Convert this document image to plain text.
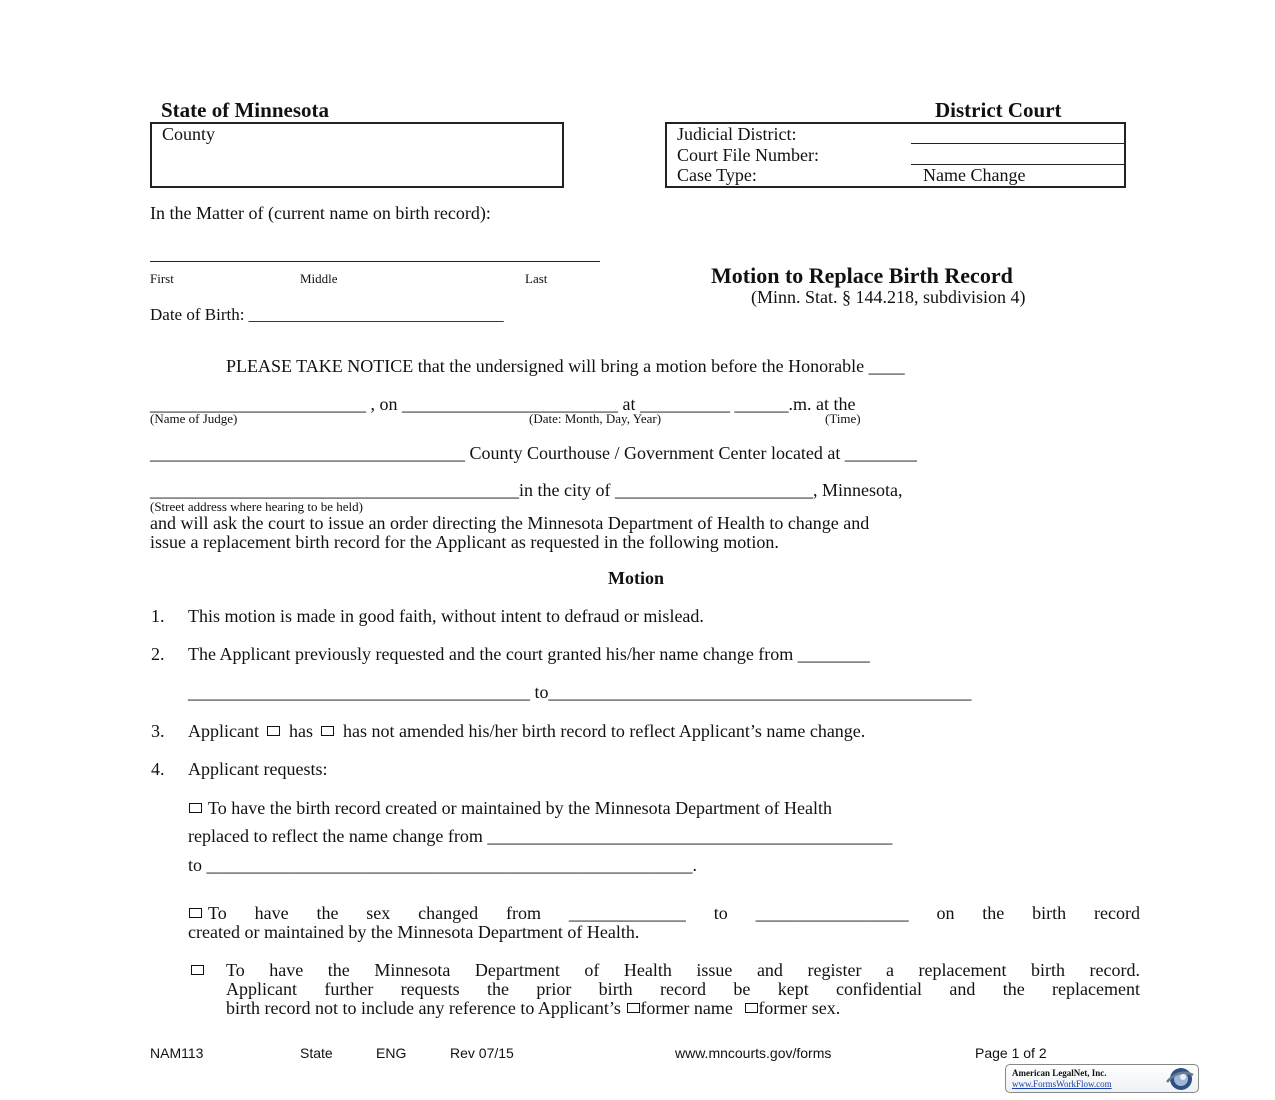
State of Minnesota	District Court
County	Judicial District:
Court File Number:
Case Type:	Name Change
In the Matter of (current name on birth record):
First	Middle	Last
Date of Birth: ______________________________
Motion to Replace Birth Record
(Minn. Stat. § 144.218, subdivision 4)
PLEASE TAKE NOTICE that the undersigned will bring a motion before the Honorable ____
________________________ , on ________________________ at __________ ______.m. at the
(Name of Judge)	(Date: Month, Day, Year)	(Time)
___________________________________ County Courthouse / Government Center located at ________
_________________________________________in the city of ______________________, Minnesota,
(Street address where hearing to be held)
and will ask the court to issue an order directing the Minnesota Department of Health to change and
issue a replacement birth record for the Applicant as requested in the following motion.
Motion
1. This motion is made in good faith, without intent to defraud or mislead.
2. The Applicant previously requested and the court granted his/her name change from ________
______________________________________ to_______________________________________________
3. Applicant has has not amended his/her birth record to reflect Applicant’s name change.
4. Applicant requests:
To have the birth record created or maintained by the Minnesota Department of Health
replaced to reflect the name change from _____________________________________________
to ______________________________________________________.
To have the sex changed from _____________ to _________________ on the birth record
created or maintained by the Minnesota Department of Health.
To have the Minnesota Department of Health issue and register a replacement birth record.
Applicant further requests the prior birth record be kept confidential and the replacement
birth record not to include any reference to Applicant’s former name former sex.
NAM113	State	ENG	Rev 07/15	www.mncourts.gov/forms	Page 1 of 2
American LegalNet, Inc.
www.FormsWorkFlow.com
